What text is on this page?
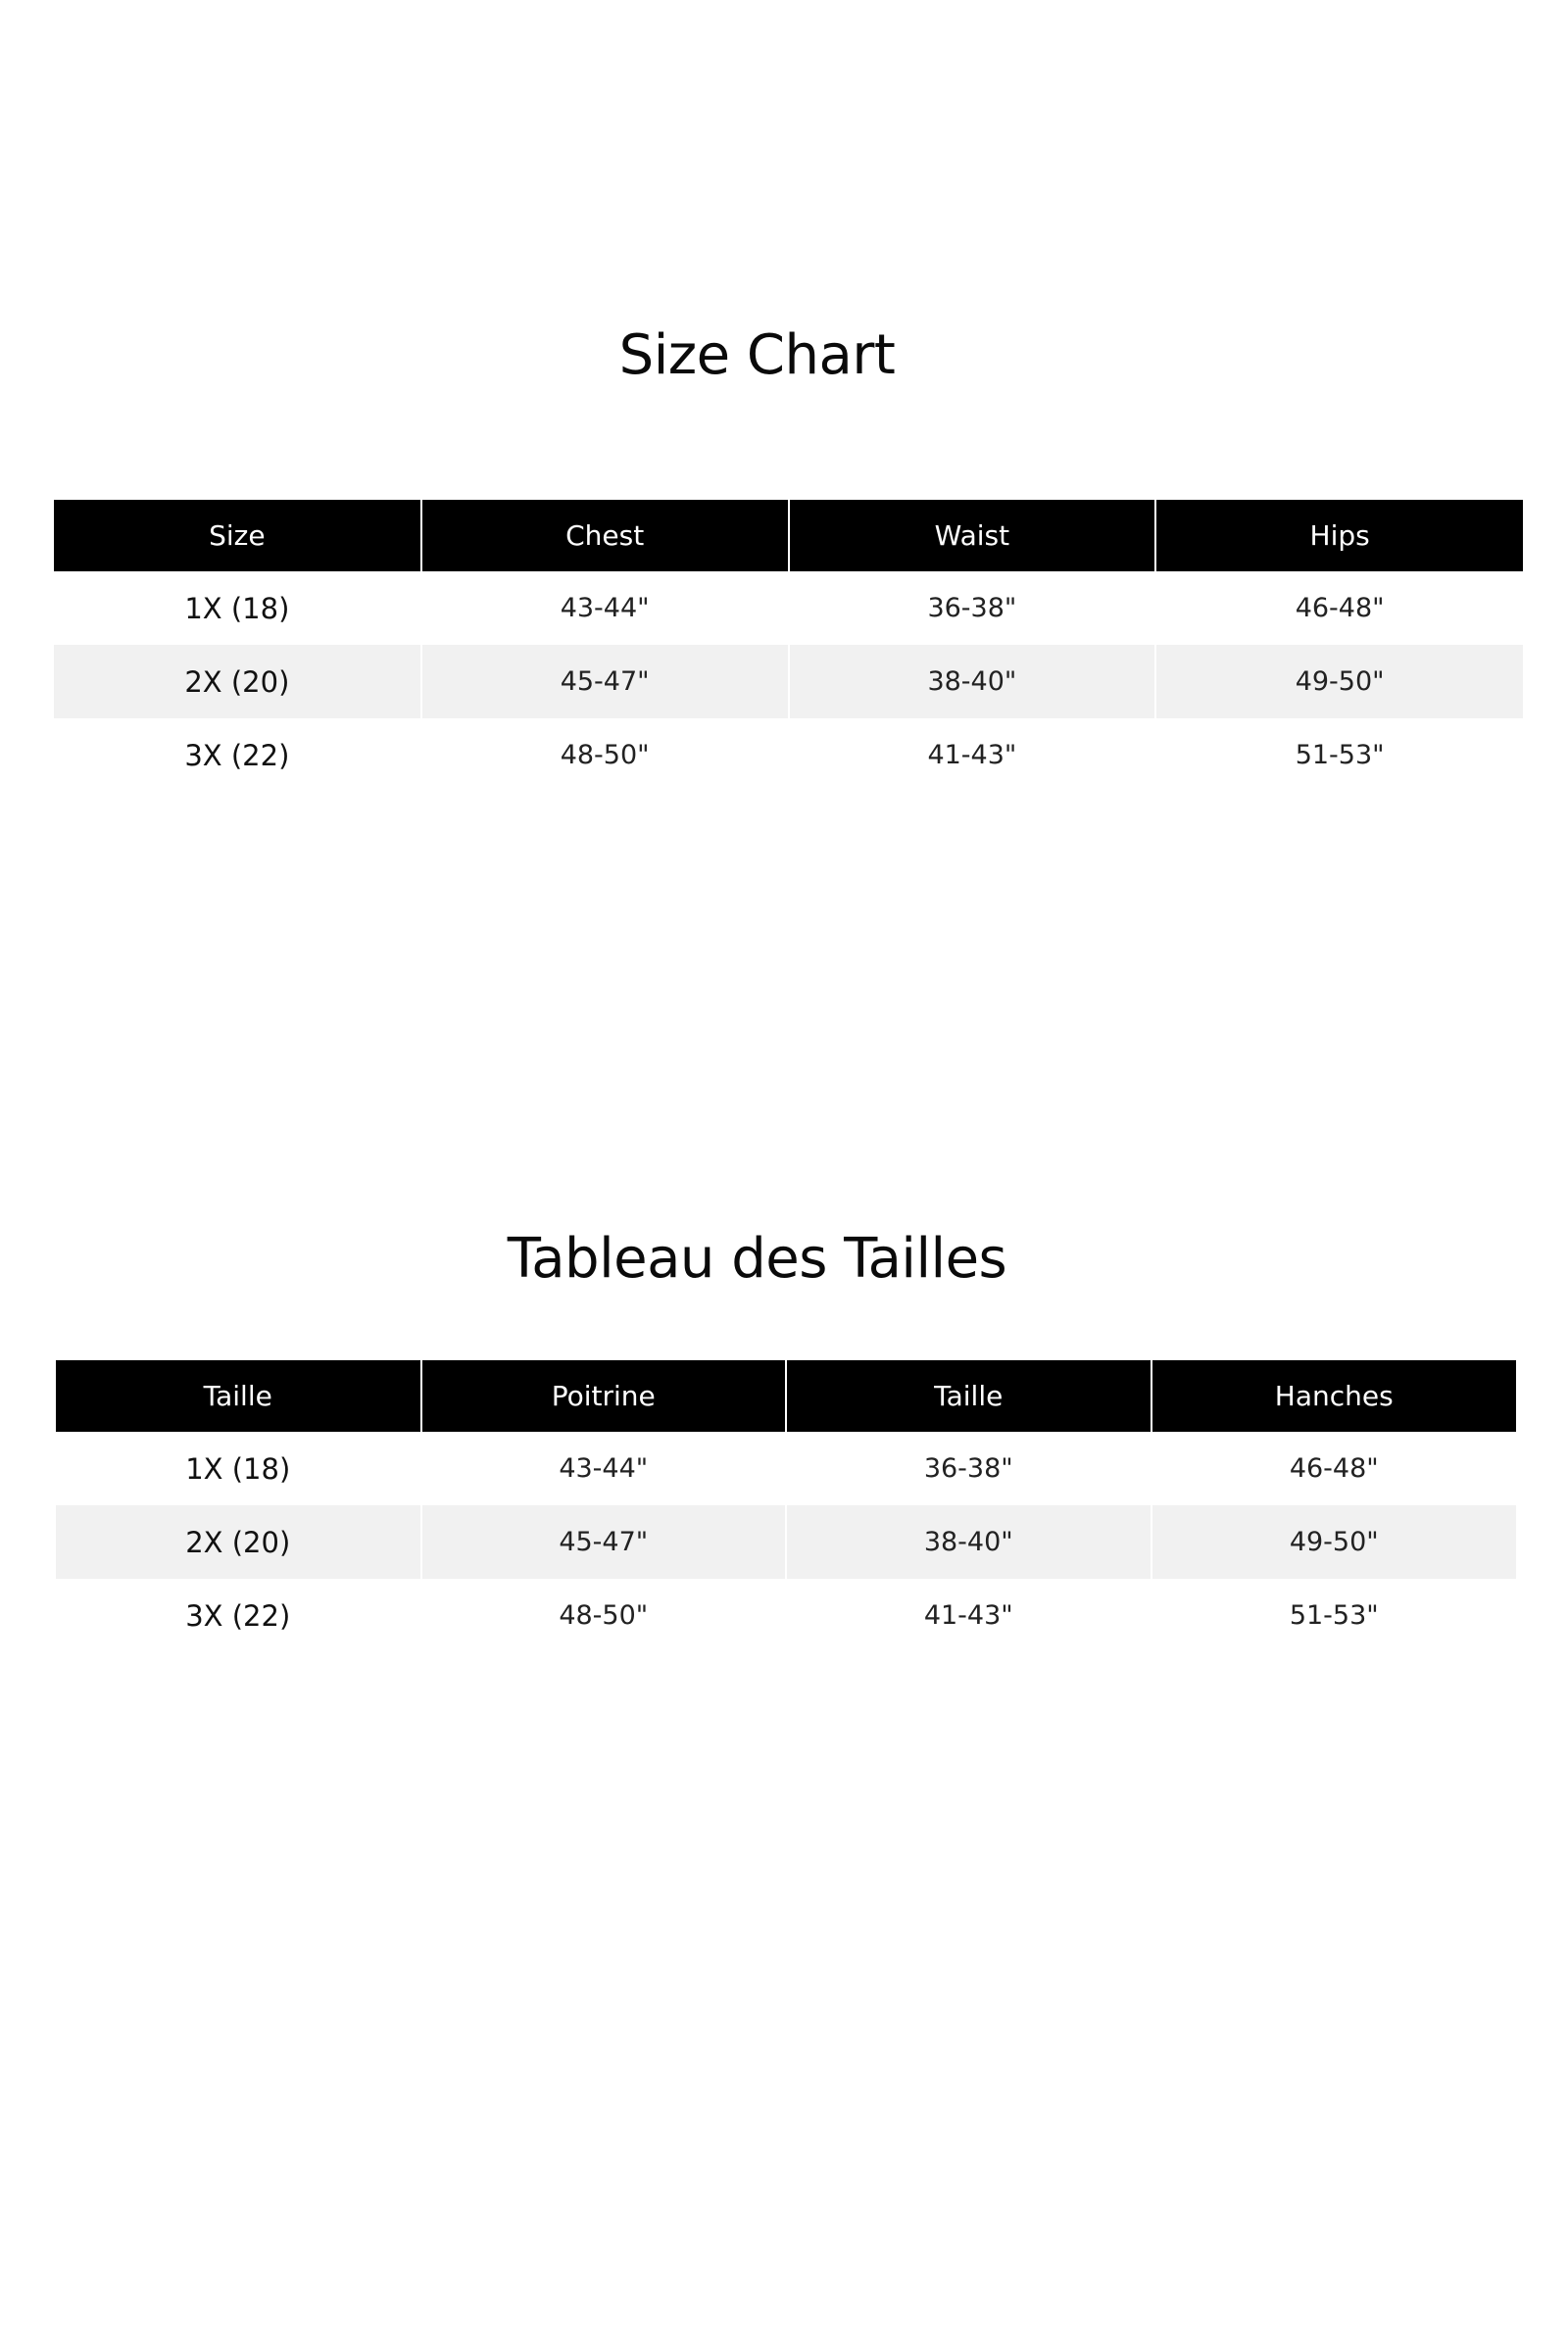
Size Chart
Size	Chest	Waist	Hips
1X (18)	43-44"	36-38"	46-48"
2X (20)	45-47"	38-40"	49-50"
3X (22)	48-50"	41-43"	51-53"
Tableau des Tailles
Taille	Poitrine	Taille	Hanches
1X (18)	43-44"	36-38"	46-48"
2X (20)	45-47"	38-40"	49-50"
3X (22)	48-50"	41-43"	51-53"
